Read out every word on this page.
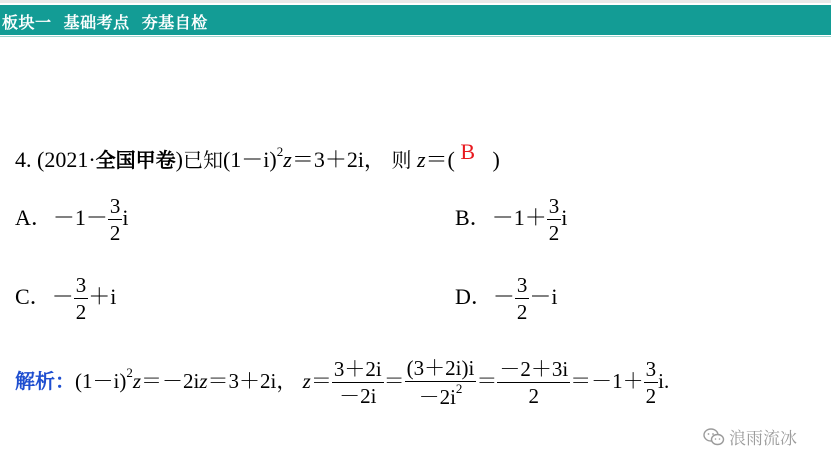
板块一  基础考点  夯基自检
4. (2021·全国甲卷)已知$(1-i)^2z=3+2i$， 则 z＝( B )
A．$-1- \frac{3}{2}$ i	B．$-1+ \frac{3}{2}$ i
C．－ $\frac{3}{2} +i$	D．－ $\frac{3}{2} -i$
解析：$(1-i)^2z=-2iz=3+2i$， $z= \frac{3+2i}{-2i} = \frac{(3+2i)i}{-2i^2} = \frac{-2+3i}{2} =-1+ \frac{3}{2} i$.
浪雨流冰
